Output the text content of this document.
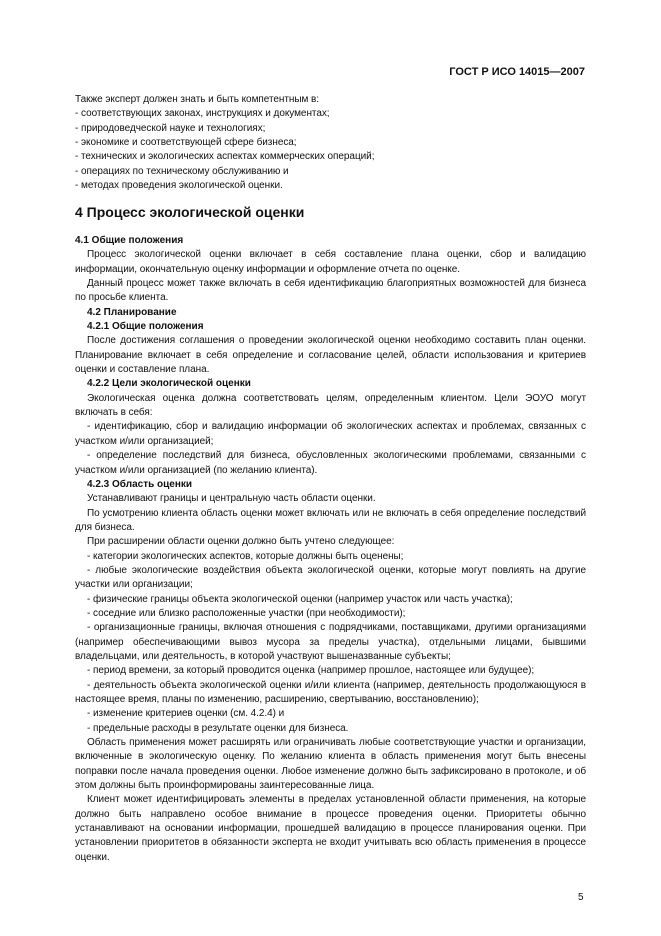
ГОСТ Р ИСО 14015—2007

Также эксперт должен знать и быть компетентным в:

- соответствующих законах, инструкциях и документах;

- природоведческой науке и технологиях;

- экономике и соответствующей сфере бизнеса;

- технических и экологических аспектах коммерческих операций;

- операциях по техническому обслуживанию и

- методах проведения экологической оценки.

4 Процесс экологической оценки

4.1 Общие положения

Процесс экологической оценки включает в себя составление плана оценки, сбор и валидацию информации, окончательную оценку информации и оформление отчета по оценке.

Данный процесс может также включать в себя идентификацию благоприятных возможностей для бизнеса по просьбе клиента.

4.2 Планирование

4.2.1 Общие положения

После достижения соглашения о проведении экологической оценки необходимо составить план оценки. Планирование включает в себя определение и согласование целей, области использования и критериев оценки и составление плана.

4.2.2 Цели экологической оценки

Экологическая оценка должна соответствовать целям, определенным клиентом. Цели ЭОУО могут включать в себя:

- идентификацию, сбор и валидацию информации об экологических аспектах и проблемах, связанных с участком и/или организацией;

- определение последствий для бизнеса, обусловленных экологическими проблемами, связанными с участком и/или организацией (по желанию клиента).

4.2.3 Область оценки

Устанавливают границы и центральную часть области оценки.

По усмотрению клиента область оценки может включать или не включать в себя определение последствий для бизнеса.

При расширении области оценки должно быть учтено следующее:

- категории экологических аспектов, которые должны быть оценены;

- любые экологические воздействия объекта экологической оценки, которые могут повлиять на другие участки или организации;

- физические границы объекта экологической оценки (например участок или часть участка);

- соседние или близко расположенные участки (при необходимости);

- организационные границы, включая отношения с подрядчиками, поставщиками, другими организациями (например обеспечивающими вывоз мусора за пределы участка), отдельными лицами, бывшими владельцами, или деятельность, в которой участвуют вышеназванные субъекты;

- период времени, за который проводится оценка (например прошлое, настоящее или будущее);

- деятельность объекта экологической оценки и/или клиента (например, деятельность продолжающуюся в настоящее время, планы по изменению, расширению, свертыванию, восстановлению);

- изменение критериев оценки (см. 4.2.4) и

- предельные расходы в результате оценки для бизнеса.

Область применения может расширять или ограничивать любые соответствующие участки и организации, включенные в экологическую оценку. По желанию клиента в область применения могут быть внесены поправки после начала проведения оценки. Любое изменение должно быть зафиксировано в протоколе, и об этом должны быть проинформированы заинтересованные лица.

Клиент может идентифицировать элементы в пределах установленной области применения, на которые должно быть направлено особое внимание в процессе проведения оценки. Приоритеты обычно устанавливают на основании информации, прошедшей валидацию в процессе планирования оценки. При установлении приоритетов в обязанности эксперта не входит учитывать всю область применения в процессе оценки.

5
